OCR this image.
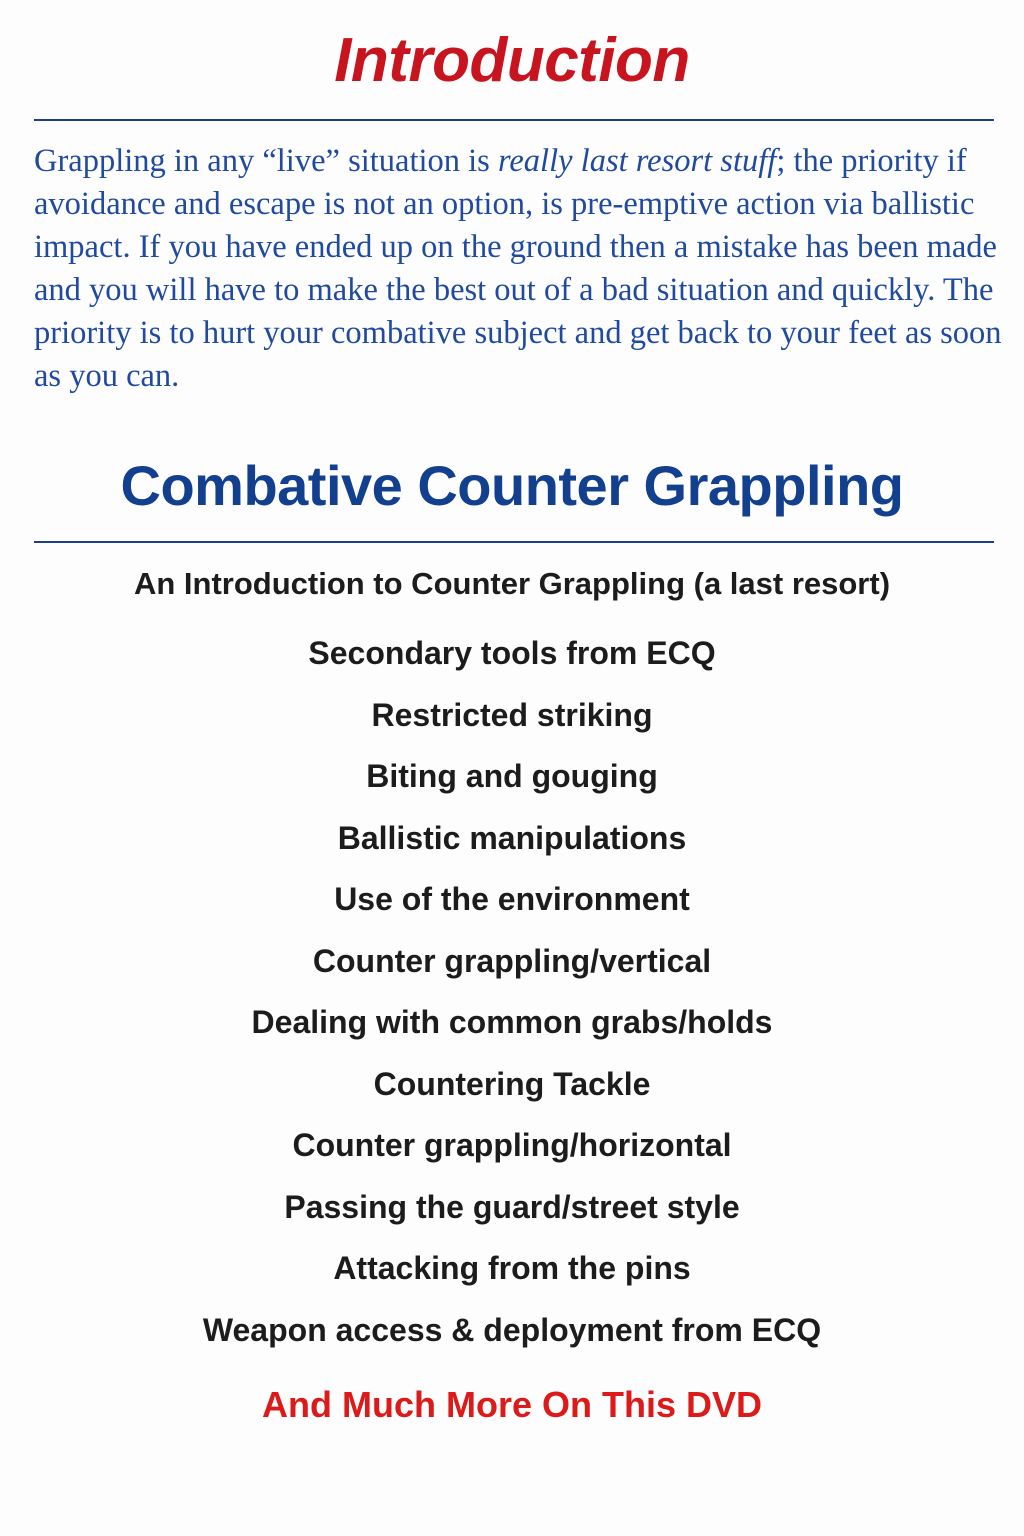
Introduction

Grappling in any “live” situation is really last resort stuff; the priority if avoidance and escape is not an option, is pre-emptive action via ballistic impact. If you have ended up on the ground then a mistake has been made and you will have to make the best out of a bad situation and quickly. The priority is to hurt your combative subject and get back to your feet as soon as you can.

Combative Counter Grappling
An Introduction to Counter Grappling (a last resort)
Secondary tools from ECQ
Restricted striking
Biting and gouging
Ballistic manipulations
Use of the environment
Counter grappling/vertical
Dealing with common grabs/holds
Countering Tackle
Counter grappling/horizontal
Passing the guard/street style
Attacking from the pins
Weapon access & deployment from ECQ
And Much More On This DVD
